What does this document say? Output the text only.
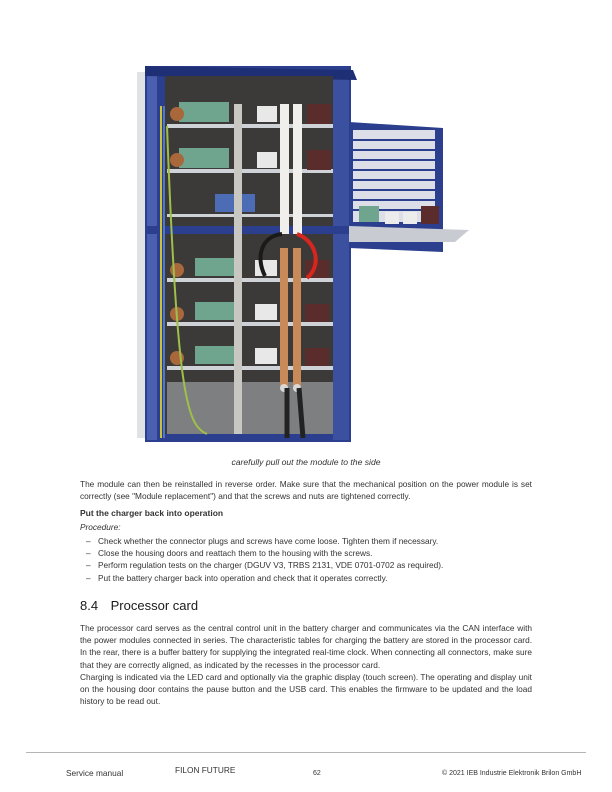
carefully pull out the module to the side

The module can then be reinstalled in reverse order. Make sure that the mechanical position on the power module is set correctly (see "Module replacement") and that the screws and nuts are tightened correctly.

Put the charger back into operation
Procedure:
– Check whether the connector plugs and screws have come loose. Tighten them if necessary.
– Close the housing doors and reattach them to the housing with the screws.
– Perform regulation tests on the charger (DGUV V3, TRBS 2131, VDE 0701-0702 as required).
– Put the battery charger back into operation and check that it operates correctly.
8.4 Processor card

The processor card serves as the central control unit in the battery charger and communicates via the CAN interface with the power modules connected in series. The characteristic tables for charging the battery are stored in the processor card. In the rear, there is a buffer battery for supplying the integrated real-time clock. When connecting all connectors, make sure that they are correctly aligned, as indicated by the recesses in the processor card.

Charging is indicated via the LED card and optionally via the graphic display (touch screen). The operating and display unit on the housing door contains the pause button and the USB card. This enables the firmware to be updated and the load history to be read out.

Service manual	FILON FUTURE	62	© 2021 IEB Industrie Elektronik Brilon GmbH
